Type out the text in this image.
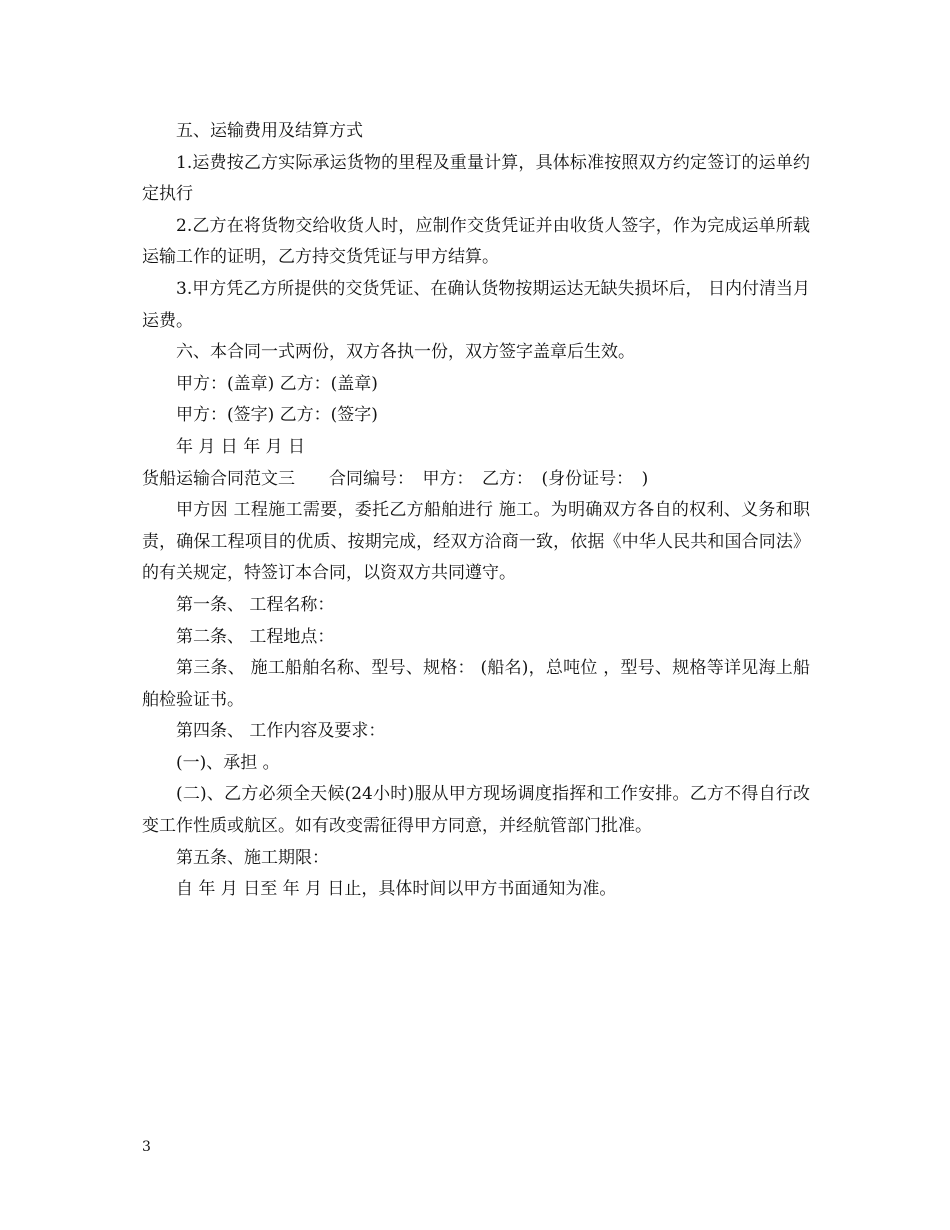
五、运输费用及结算方式

1.运费按乙方实际承运货物的里程及重量计算，具体标准按照双方约定签订的运单约定执行

2.乙方在将货物交给收货人时，应制作交货凭证并由收货人签字，作为完成运单所载运输工作的证明，乙方持交货凭证与甲方结算。

3.甲方凭乙方所提供的交货凭证、在确认货物按期运达无缺失损坏后， 日内付清当月运费。

六、本合同一式两份，双方各执一份，双方签字盖章后生效。

甲方：(盖章) 乙方：(盖章)

甲方：(签字) 乙方：(签字)

年 月 日 年 月 日

货船运输合同范文三　　合同编号：　甲方：　乙方：　(身份证号：　)

甲方因 工程施工需要，委托乙方船舶进行 施工。为明确双方各自的权利、义务和职责，确保工程项目的优质、按期完成，经双方洽商一致，依据《中华人民共和国合同法》的有关规定，特签订本合同，以资双方共同遵守。

第一条、 工程名称：

第二条、 工程地点：

第三条、 施工船舶名称、型号、规格： (船名)，总吨位 ，型号、规格等详见海上船舶检验证书。

第四条、 工作内容及要求：

(一)、承担 。

(二)、乙方必须全天候(24小时)服从甲方现场调度指挥和工作安排。乙方不得自行改变工作性质或航区。如有改变需征得甲方同意，并经航管部门批准。

第五条、施工期限：

自 年 月 日至 年 月 日止，具体时间以甲方书面通知为准。

3
